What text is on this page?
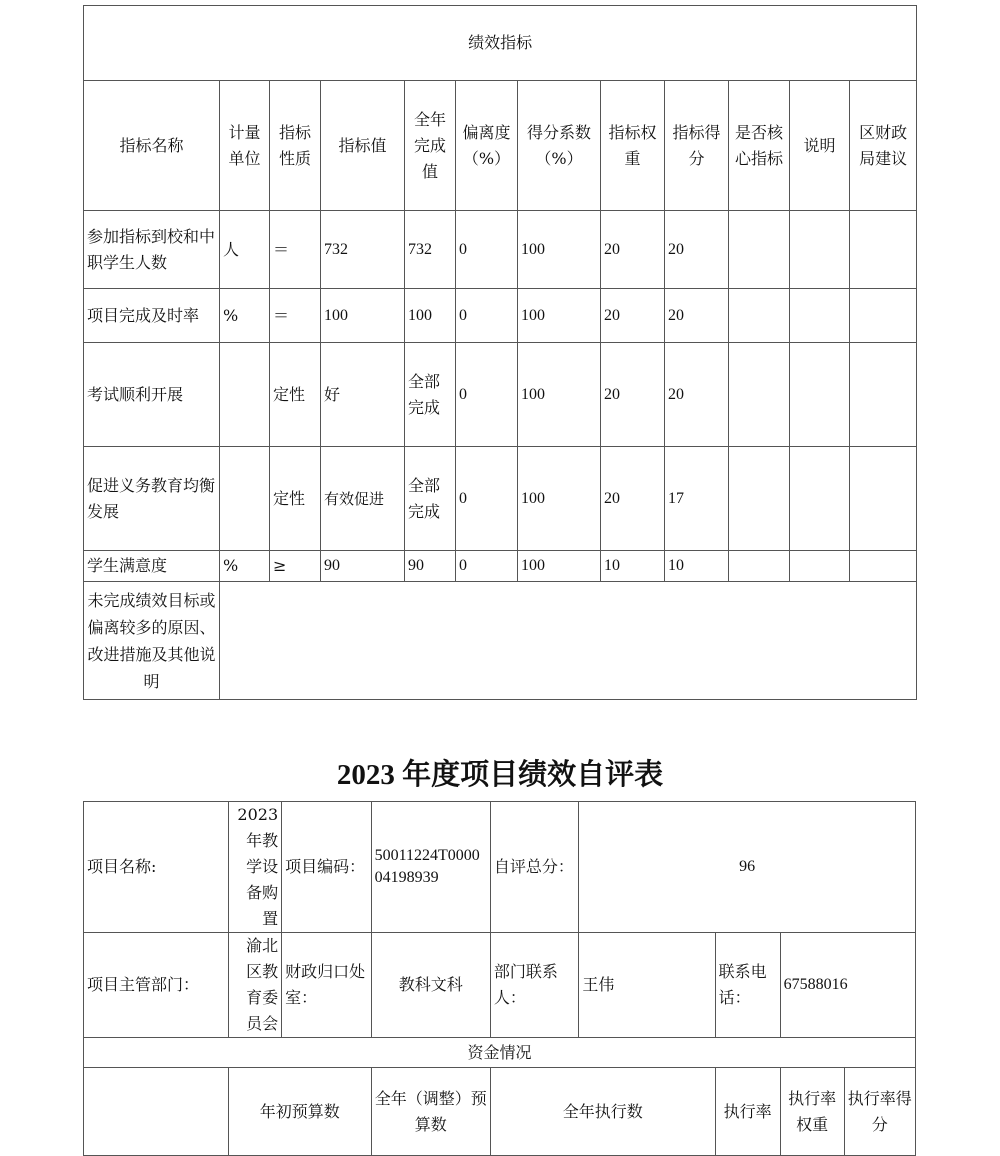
绩效指标											
指标名称	计量单位	指标性质	指标值	全年完成值	偏离度（%）	得分系数（%）	指标权重	指标得分	是否核心指标	说明	区财政局建议
参加指标到校和中职学生人数	人	＝	732	732	0	100	20	20			
项目完成及时率	%	＝	100	100	0	100	20	20			
考试顺利开展		定性	好	全部完成	0	100	20	20			
促进义务教育均衡发展		定性	有效促进	全部完成	0	100	20	17			
学生满意度	%	≥	90	90	0	100	10	10			
未完成绩效目标或偏离较多的原因、改进措施及其他说明											
2023 年度项目绩效自评表
项目名称:	2023 年教学设备购置	项目编码：	50011224T000004198939	自评总分：	96			
项目主管部门：	渝北区教育委员会	财政归口处室：	教科文科	部门联系人：	王伟	联系电话：	67588016	
资金情况								
	年初预算数		全年（调整）预算数	全年执行数		执行率	执行率权重	执行率得分
